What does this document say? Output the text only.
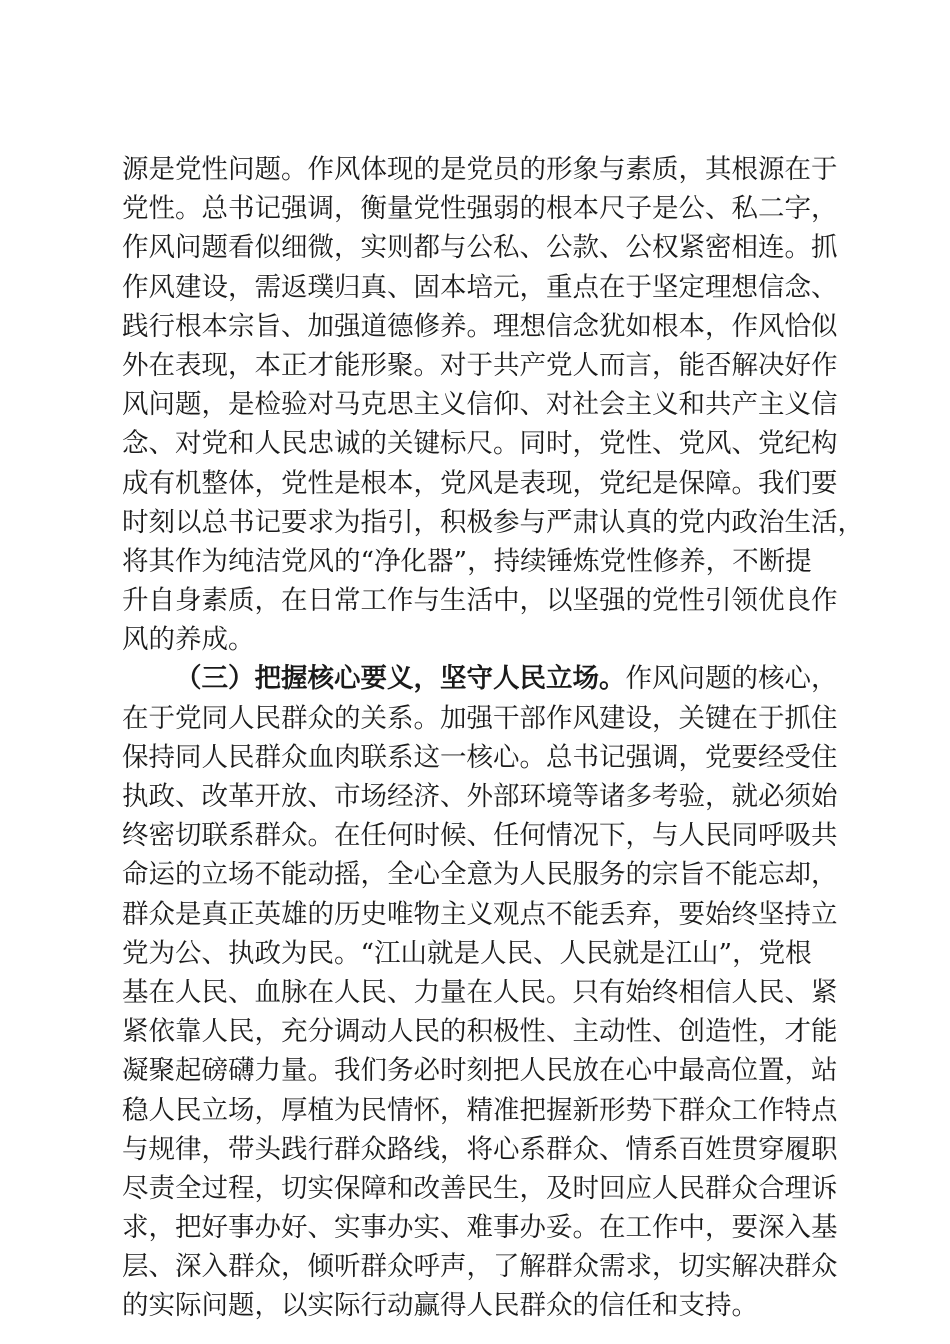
源是党性问题。作风体现的是党员的形象与素质，其根源在于
党性。总书记强调，衡量党性强弱的根本尺子是公、私二字，
作风问题看似细微，实则都与公私、公款、公权紧密相连。抓
作风建设，需返璞归真、固本培元，重点在于坚定理想信念、
践行根本宗旨、加强道德修养。理想信念犹如根本，作风恰似
外在表现，本正才能形聚。对于共产党人而言，能否解决好作
风问题，是检验对马克思主义信仰、对社会主义和共产主义信
念、对党和人民忠诚的关键标尺。同时，党性、党风、党纪构
成有机整体，党性是根本，党风是表现，党纪是保障。我们要
时刻以总书记要求为指引，积极参与严肃认真的党内政治生活，
将其作为纯洁党风的“净化器”，持续锤炼党性修养，不断提
升自身素质，在日常工作与生活中，以坚强的党性引领优良作
风的养成。
（三）把握核心要义，坚守人民立场。作风问题的核心，
在于党同人民群众的关系。加强干部作风建设，关键在于抓住
保持同人民群众血肉联系这一核心。总书记强调，党要经受住
执政、改革开放、市场经济、外部环境等诸多考验，就必须始
终密切联系群众。在任何时候、任何情况下，与人民同呼吸共
命运的立场不能动摇，全心全意为人民服务的宗旨不能忘却，
群众是真正英雄的历史唯物主义观点不能丢弃，要始终坚持立
党为公、执政为民。“江山就是人民、人民就是江山”，党根
基在人民、血脉在人民、力量在人民。只有始终相信人民、紧
紧依靠人民，充分调动人民的积极性、主动性、创造性，才能
凝聚起磅礴力量。我们务必时刻把人民放在心中最高位置，站
稳人民立场，厚植为民情怀，精准把握新形势下群众工作特点
与规律，带头践行群众路线，将心系群众、情系百姓贯穿履职
尽责全过程，切实保障和改善民生，及时回应人民群众合理诉
求，把好事办好、实事办实、难事办妥。在工作中，要深入基
层、深入群众，倾听群众呼声，了解群众需求，切实解决群众
的实际问题，以实际行动赢得人民群众的信任和支持。
